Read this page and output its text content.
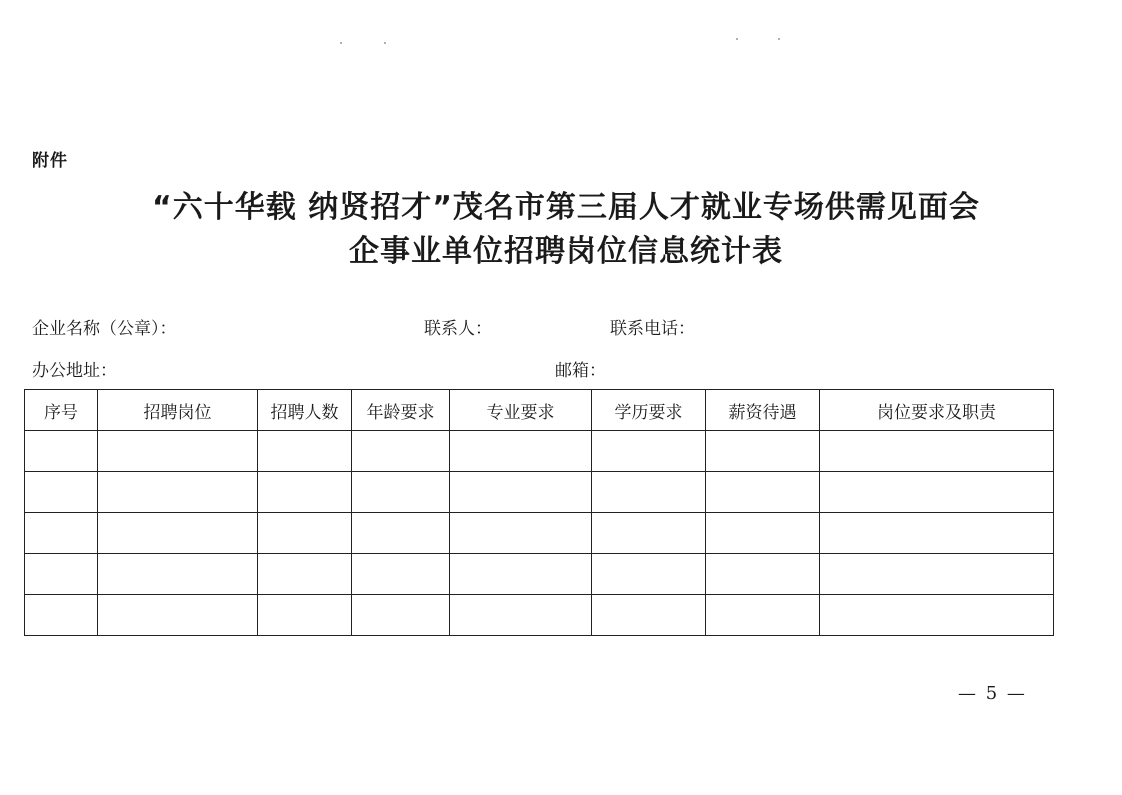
附件
“六十华载 纳贤招才”茂名市第三届人才就业专场供需见面会
企事业单位招聘岗位信息统计表
企业名称（公章）：	联系人：	联系电话：
办公地址：	邮箱：
序号	招聘岗位	招聘人数	年龄要求	专业要求	学历要求	薪资待遇	岗位要求及职责

— 5 —
